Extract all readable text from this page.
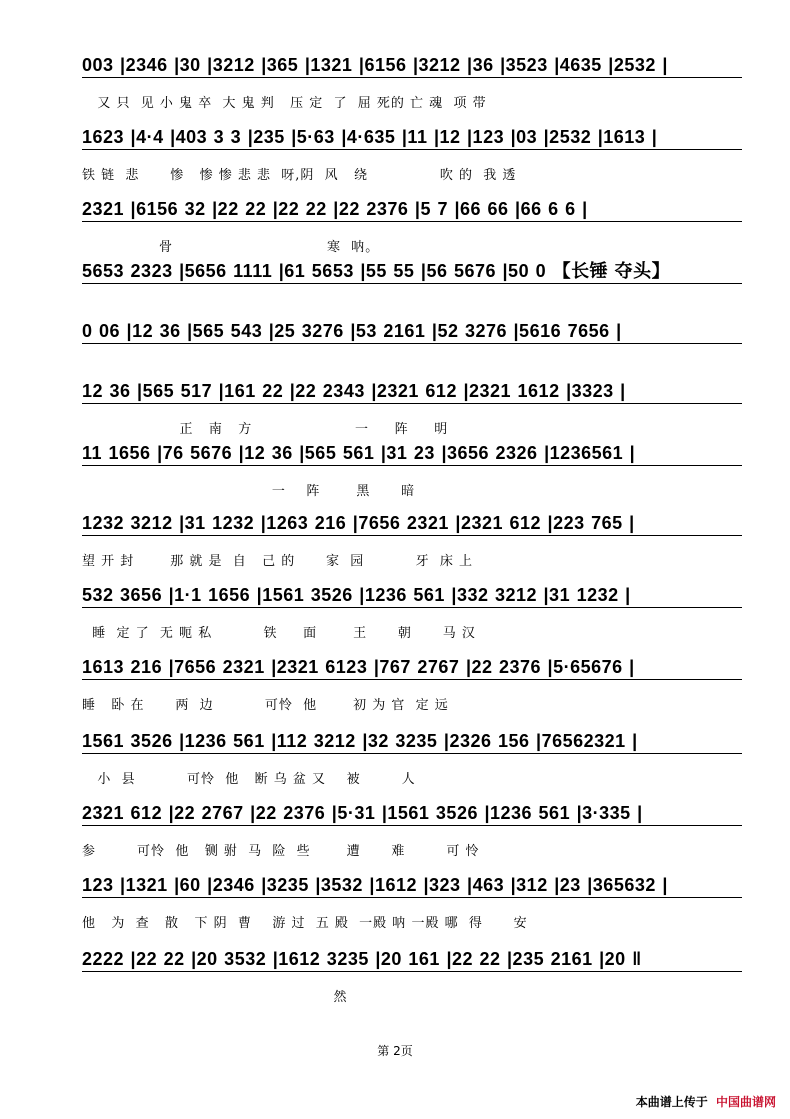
003 |2346 |30 |3212 |365 |1321 |6156 |3212 |36 |3523 |4635 |2532 |
又 只  见 小 鬼 卒  大 鬼 判   压 定  了  屈 死的 亡 魂  项 带
1623 |4·4 |403 3 3 |235 |5·63 |4·635 |11 |12 |123 |03 |2532 |1613 |
铁 链  悲      惨   惨 惨 悲 悲  呀,阴  风   绕              吹 的  我 透
2321 |6156 32 |22 22 |22 22 |22 2376 |5 7 |66 66 |66 6 6 |
骨                              寒  呐。
5653 2323 |5656 1111 |61 5653 |55 55 |56 5676 |50 0 【长锤 夺头】
0 06 |12 36 |565 543 |25 3276 |53 2161 |52 3276 |5616 7656 |
12 36 |565 517 |161 22 |22 2343 |2321 612 |2321 1612 |3323 |
正   南   方                    一     阵     明
11 1656 |76 5676 |12 36 |565 561 |31 23 |3656 2326 |1236561 |
一    阵       黑      暗
1232 3212 |31 1232 |1263 216 |7656 2321 |2321 612 |223 765 |
望 开 封       那 就 是  自   己 的      家  园          牙  床 上
532 3656 |1·1 1656 |1561 3526 |1236 561 |332 3212 |31 1232 |
睡  定 了  无 呃 私          铁     面       王      朝      马 汉
1613 216 |7656 2321 |2321 6123 |767 2767 |22 2376 |5·65676 |
睡   卧 在      两  边          可怜  他       初 为 官  定 远
1561 3526 |1236 561 |112 3212 |32 3235 |2326 156 |76562321 |
小  县          可怜  他   断 乌 盆 又    被        人
2321 612 |22 2767 |22 2376 |5·31 |1561 3526 |1236 561 |3·335 |
参        可怜  他   铡 驸  马  险  些       遭      难        可 怜
123 |1321 |60 |2346 |3235 |3532 |1612 |323 |463 |312 |23 |365632 |
他   为  查   散   下 阴  曹    游 过  五 殿  一殿 呐 一殿 哪  得      安
2222 |22 22 |20 3532 |1612 3235 |20 161 |22 22 |235 2161 |20 ‖
然
第 2页
本曲谱上传于 中国曲谱网
